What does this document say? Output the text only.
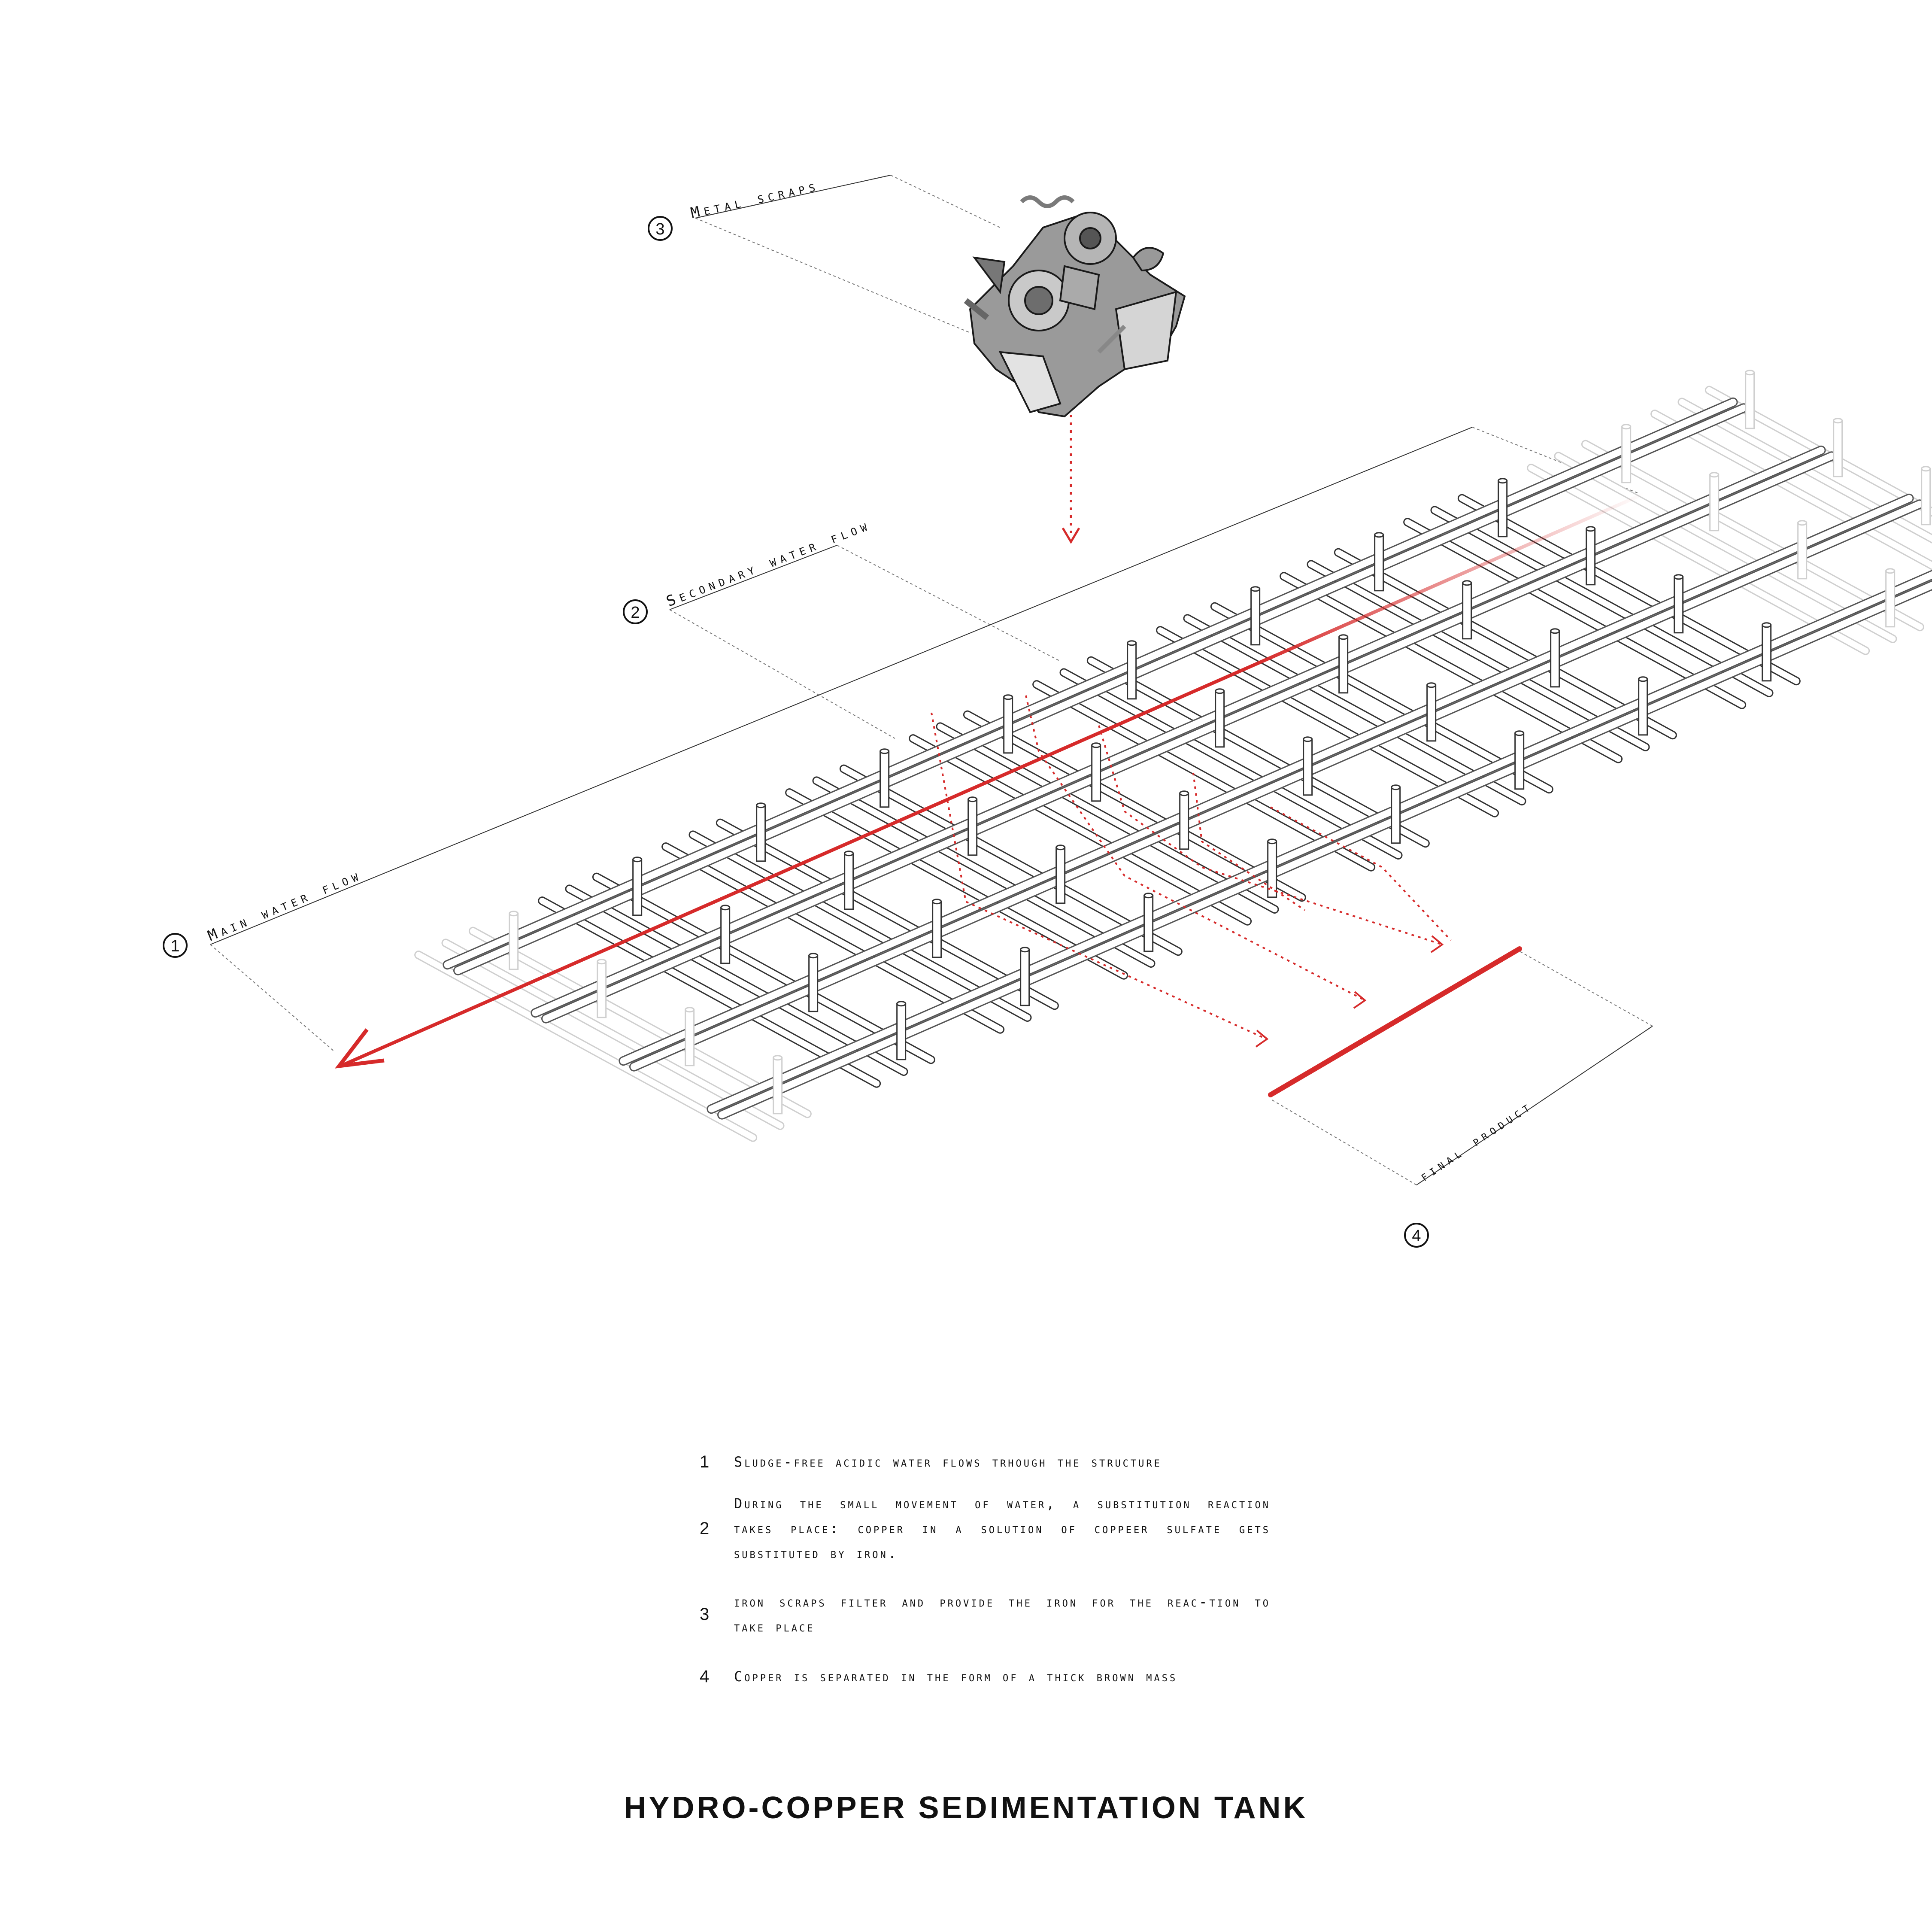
3
Metal scraps
2
Secondary water flow
1
Main water flow
4
final product
1	Sludge-free acidic water flows trhough the structure
2
During the small movement of water, a substitution reaction takes place: copper in a solution of coppeer sulfate gets substituted by iron.
3
iron scraps filter and provide the iron for the reac-tion to take place
4	Copper is separated in the form of a thick brown mass
HYDRO-COPPER SEDIMENTATION TANK
